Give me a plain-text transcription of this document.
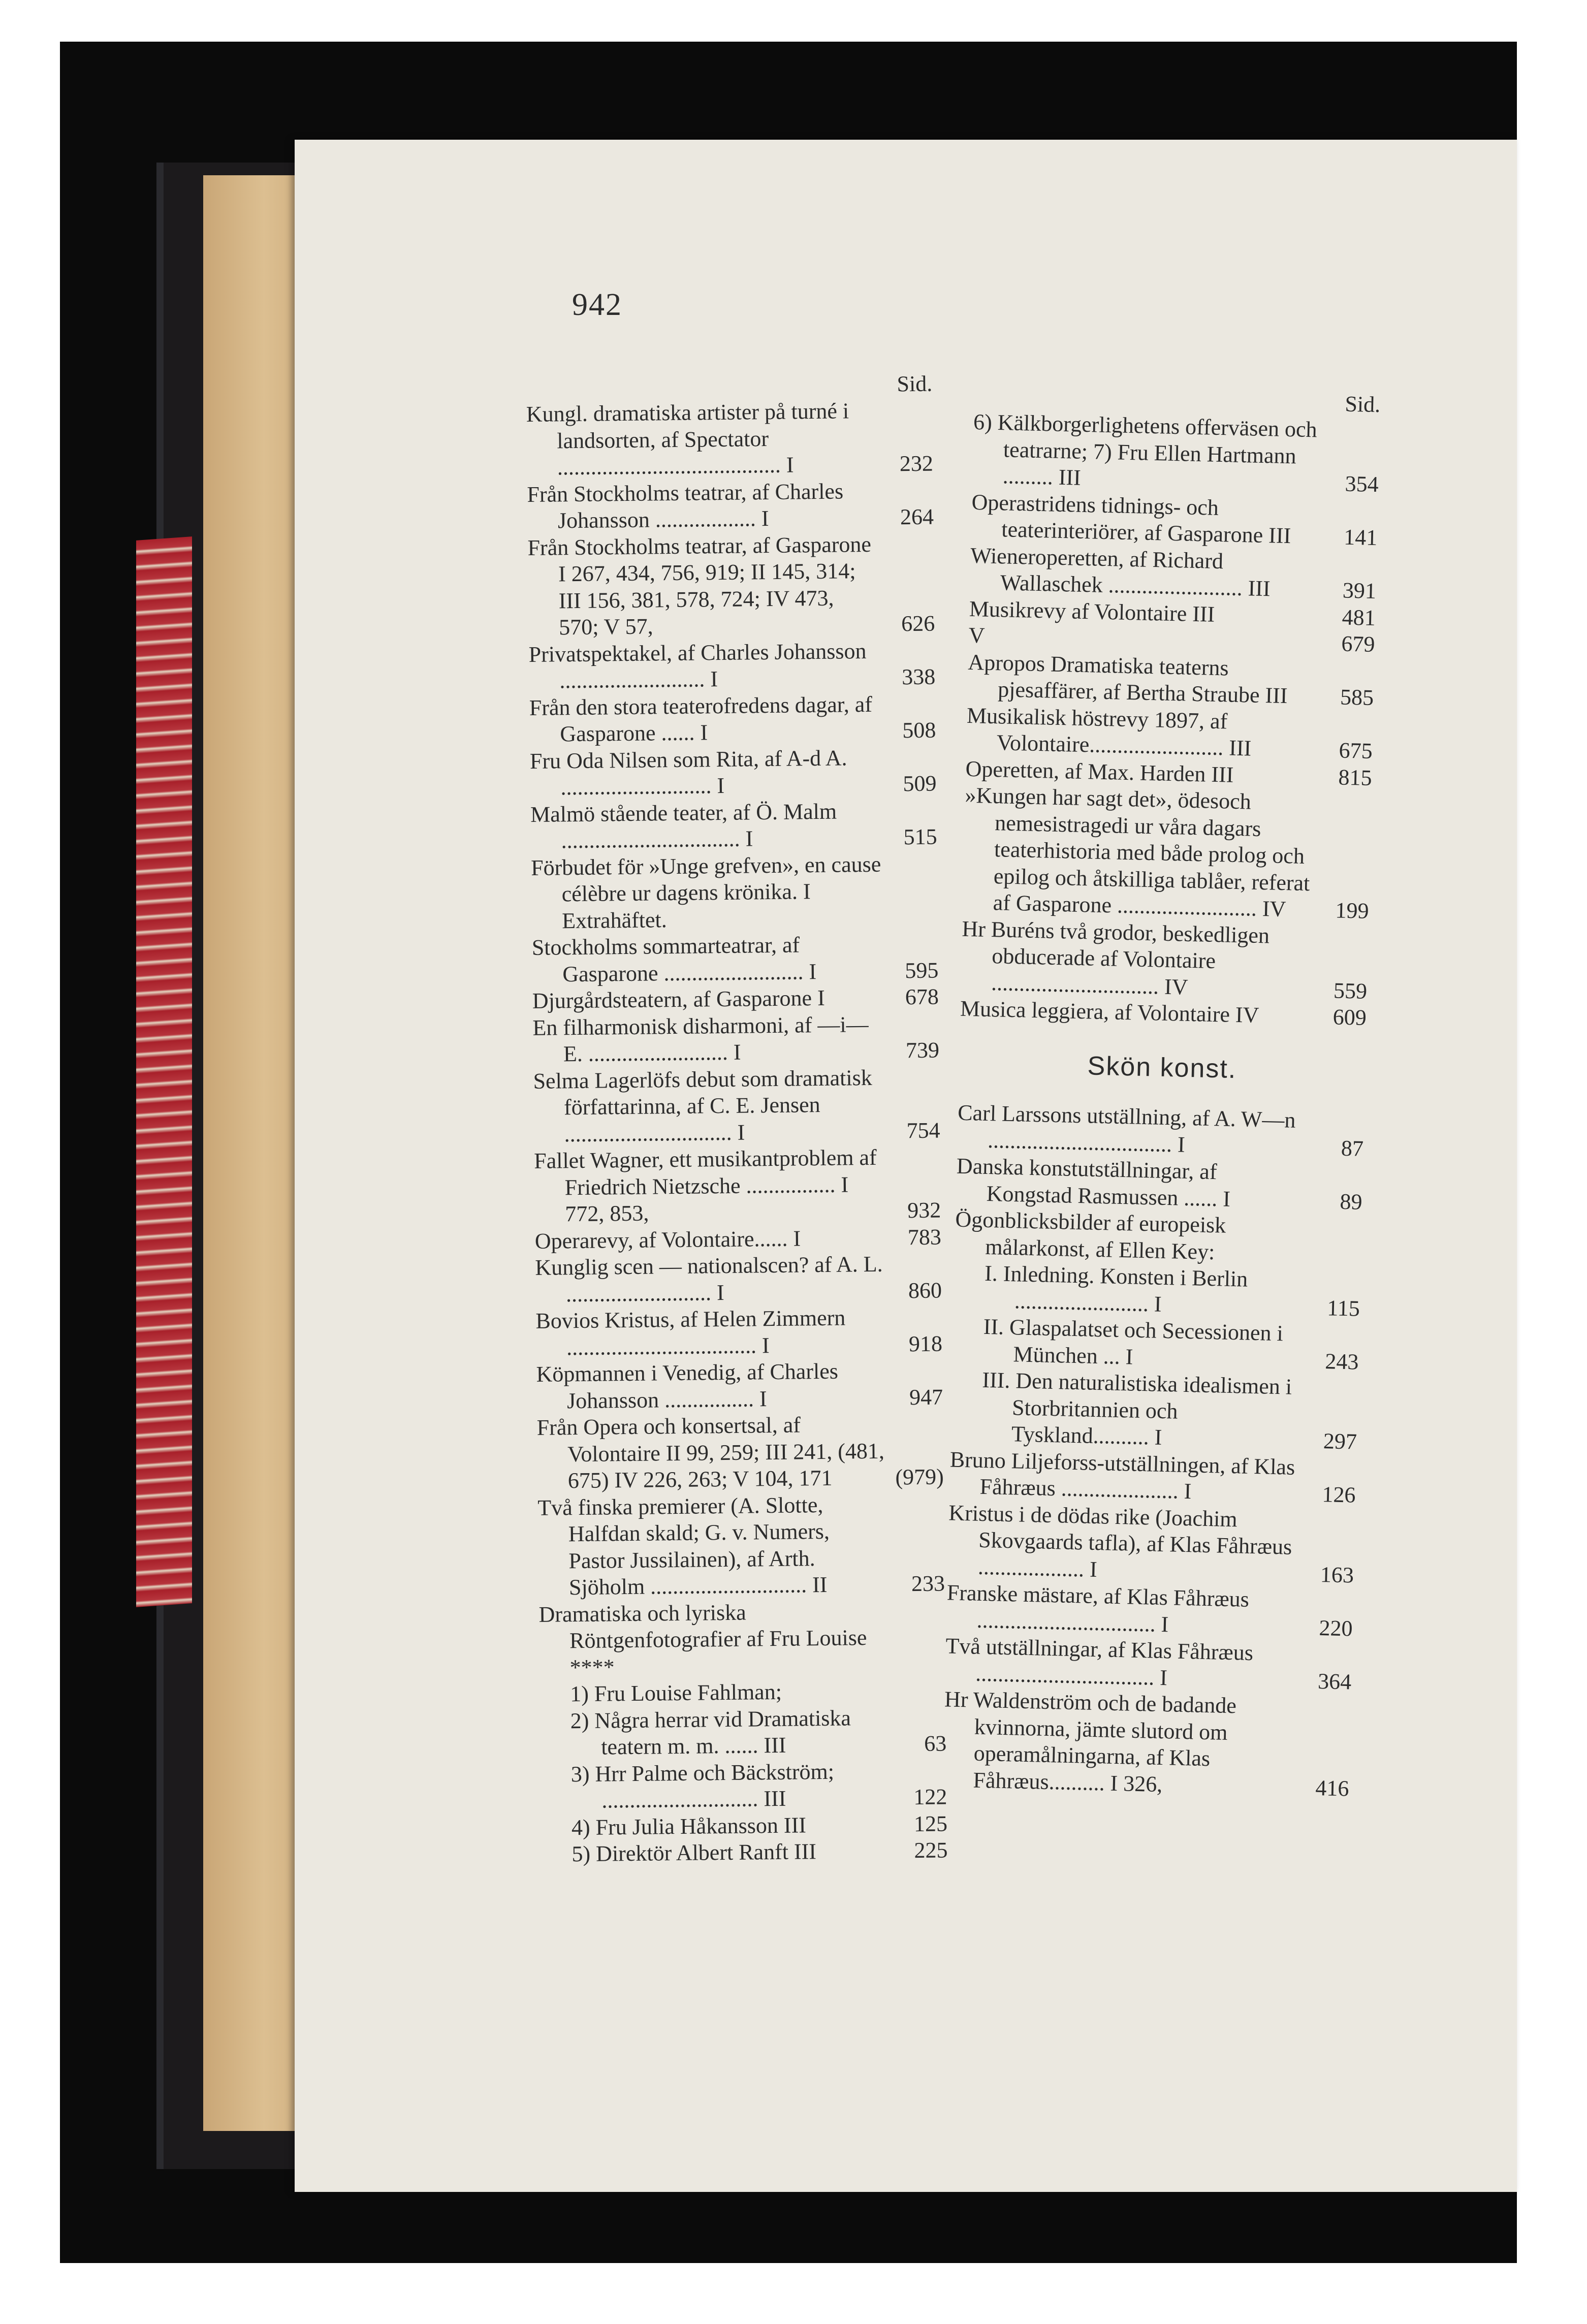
942
Sid.
Kungl. dramatiska artister på turné i landsorten, af Spectator ........................................ I	232
Från Stockholms teatrar, af Charles Johansson .................. I	264
Från Stockholms teatrar, af Gasparone I 267, 434, 756, 919; II 145, 314; III 156, 381, 578, 724; IV 473, 570; V 57,	626
Privatspektakel, af Charles Johansson .......................... I	338
Från den stora teaterofredens dagar, af Gasparone ...... I	508
Fru Oda Nilsen som Rita, af A-d A. ........................... I	509
Malmö stående teater, af Ö. Malm ................................ I	515
Förbudet för »Unge grefven», en cause célèbre ur dagens krönika. I Extrahäftet.
Stockholms sommarteatrar, af Gasparone ......................... I	595
Djurgårdsteatern, af Gasparone I	678
En filharmonisk disharmoni, af —i— E. ......................... I	739
Selma Lagerlöfs debut som dramatisk författarinna, af C. E. Jensen .............................. I	754
Fallet Wagner, ett musikantproblem af Friedrich Nietzsche ................ I 772, 853,	932
Operarevy, af Volontaire...... I	783
Kunglig scen — nationalscen? af A. L. .......................... I	860
Bovios Kristus, af Helen Zimmern .................................. I	918
Köpmannen i Venedig, af Charles Johansson ................ I	947
Från Opera och konsertsal, af Volontaire II 99, 259; III 241, (481, 675) IV 226, 263; V 104, 171	(979)
Två finska premierer (A. Slotte, Halfdan skald; G. v. Numers, Pastor Jussilainen), af Arth. Sjöholm ............................ II	233
Dramatiska och lyriska Röntgenfotografier af Fru Louise ****
1) Fru Louise Fahlman;
2) Några herrar vid Dramatiska teatern m. m. ...... III	63
3) Hrr Palme och Bäckström; ............................ III	122
4) Fru Julia Håkansson III	125
5) Direktör Albert Ranft III	225
Sid.
6) Kälkborgerlighetens offerväsen och teatrarne; 7) Fru Ellen Hartmann ......... III	354
Operastridens tidnings- och teaterinteriörer, af Gasparone III 141
Wieneroperetten, af Richard Wallaschek ........................ III	391
Musikrevy af Volontaire III	481
V	679
Apropos Dramatiska teaterns pjesaffärer, af Bertha Straube III 585
Musikalisk höstrevy 1897, af Volontaire........................ III	675
Operetten, af Max. Harden III	815
»Kungen har sagt det», ödesoch nemesistragedi ur våra dagars teaterhistoria med både prolog och epilog och åtskilliga tablåer, referat af Gasparone ......................... IV 199
Hr Buréns två grodor, beskedligen obducerade af Volontaire .............................. IV	559
Musica leggiera, af Volontaire IV	609
Skön konst.
Carl Larssons utställning, af A. W—n ................................. I	87
Danska konstutställningar, af Kongstad Rasmussen ...... I	89
Ögonblicksbilder af europeisk målarkonst, af Ellen Key:
I. Inledning. Konsten i Berlin ........................ I	115
II. Glaspalatset och Secessionen i München ... I	243
III. Den naturalistiska idealismen i Storbritannien och Tyskland.......... I	297
Bruno Liljeforss-utställningen, af Klas Fåhræus ..................... I	126
Kristus i de dödas rike (Joachim Skovgaards tafla), af Klas Fåhræus ................... I	163
Franske mästare, af Klas Fåhræus ................................ I	220
Två utställningar, af Klas Fåhræus ................................ I	364
Hr Waldenström och de badande kvinnorna, jämte slutord om operamålningarna, af Klas Fåhræus.......... I 326,	416
